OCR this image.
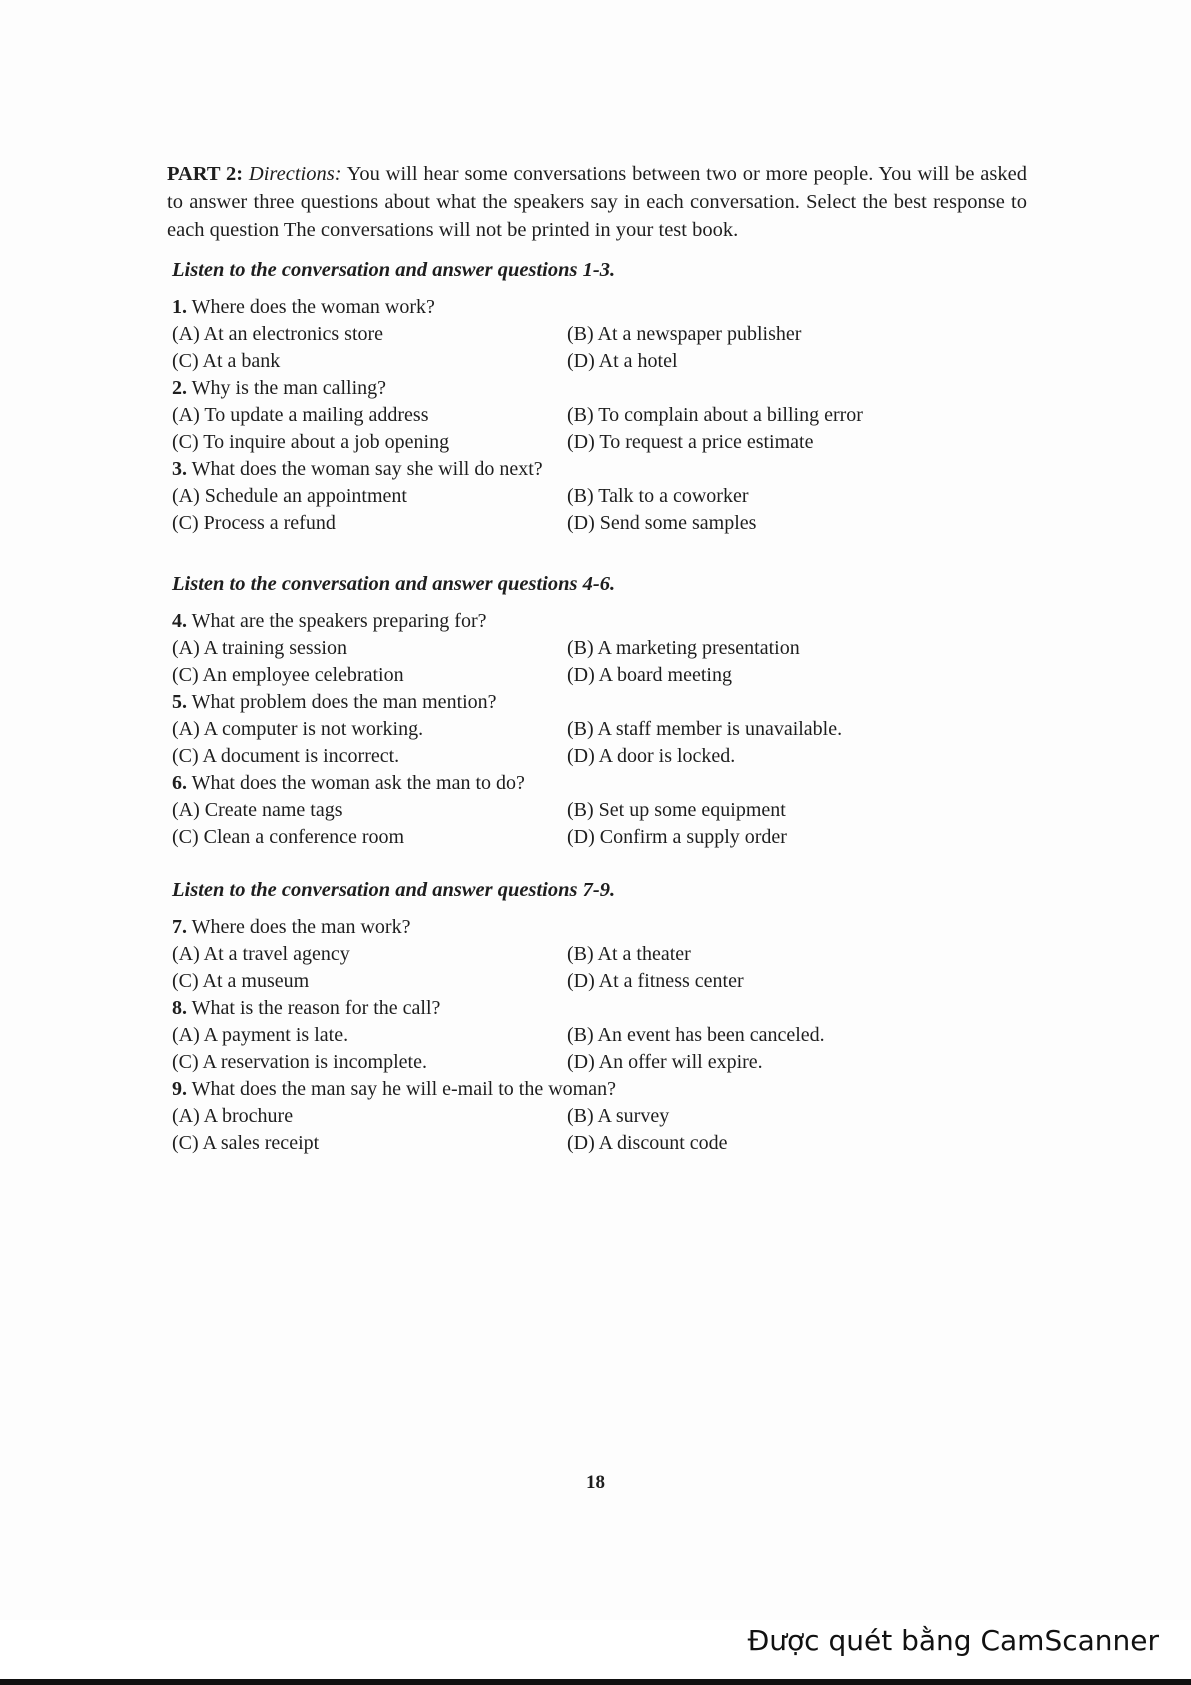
PART 2: Directions: You will hear some conversations between two or more people. You will be asked to answer three questions about what the speakers say in each conversation. Select the best response to each question The conversations will not be printed in your test book.
Listen to the conversation and answer questions 1-3.
1. Where does the woman work?
(A) At an electronics store	(B) At a newspaper publisher
(C) At a bank	(D) At a hotel
2. Why is the man calling?
(A) To update a mailing address	(B) To complain about a billing error
(C) To inquire about a job opening	(D) To request a price estimate
3. What does the woman say she will do next?
(A) Schedule an appointment	(B) Talk to a coworker
(C) Process a refund	(D) Send some samples
Listen to the conversation and answer questions 4-6.
4. What are the speakers preparing for?
(A) A training session	(B) A marketing presentation
(C) An employee celebration	(D) A board meeting
5. What problem does the man mention?
(A) A computer is not working.	(B) A staff member is unavailable.
(C) A document is incorrect.	(D) A door is locked.
6. What does the woman ask the man to do?
(A) Create name tags	(B) Set up some equipment
(C) Clean a conference room	(D) Confirm a supply order
Listen to the conversation and answer questions 7-9.
7. Where does the man work?
(A) At a travel agency	(B) At a theater
(C) At a museum	(D) At a fitness center
8. What is the reason for the call?
(A) A payment is late.	(B) An event has been canceled.
(C) A reservation is incomplete.	(D) An offer will expire.
9. What does the man say he will e-mail to the woman?
(A) A brochure	(B) A survey
(C) A sales receipt	(D) A discount code
18
Được quét bằng CamScanner
